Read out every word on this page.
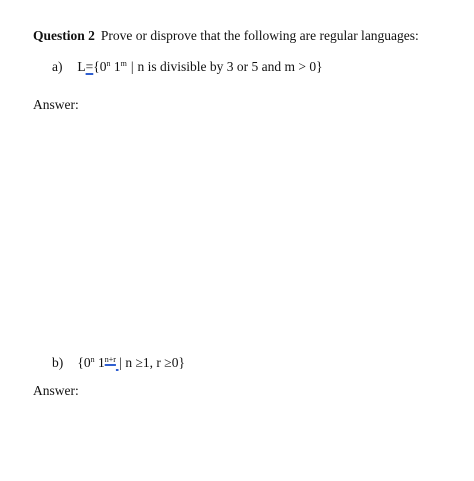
Question 2 Prove or disprove that the following are regular languages:
a) $L=\{0^n$ 1$^m$ | n is divisible by 3 or 5 and m > 0}
Answer:
b) {0$^n$ $1^{n+r}$ | n ≥1, r ≥0}
Answer:
